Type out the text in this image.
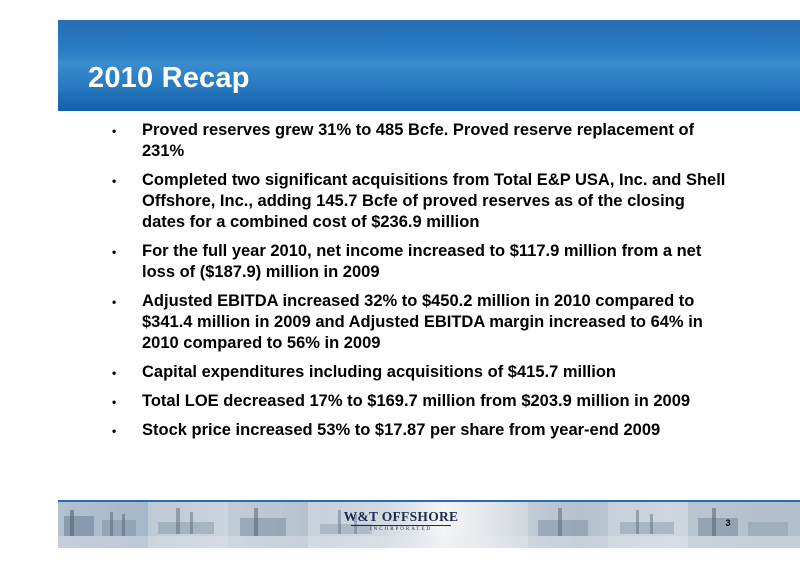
2010 Recap
• Proved reserves grew 31% to 485 Bcfe. Proved reserve replacement of 231%
• Completed two significant acquisitions from Total E&P USA, Inc. and Shell Offshore, Inc., adding 145.7 Bcfe of proved reserves as of the closing dates for a combined cost of $236.9 million
• For the full year 2010, net income increased to $117.9 million from a net loss of ($187.9) million in 2009
• Adjusted EBITDA increased 32% to $450.2 million in 2010 compared to $341.4 million in 2009 and Adjusted EBITDA margin increased to 64% in 2010 compared to 56% in 2009
• Capital expenditures including acquisitions of $415.7 million
• Total LOE decreased 17% to $169.7 million from $203.9 million in 2009
• Stock price increased 53% to $17.87 per share from year-end 2009
W&T OFFSHORE
INCORPORATED
3
